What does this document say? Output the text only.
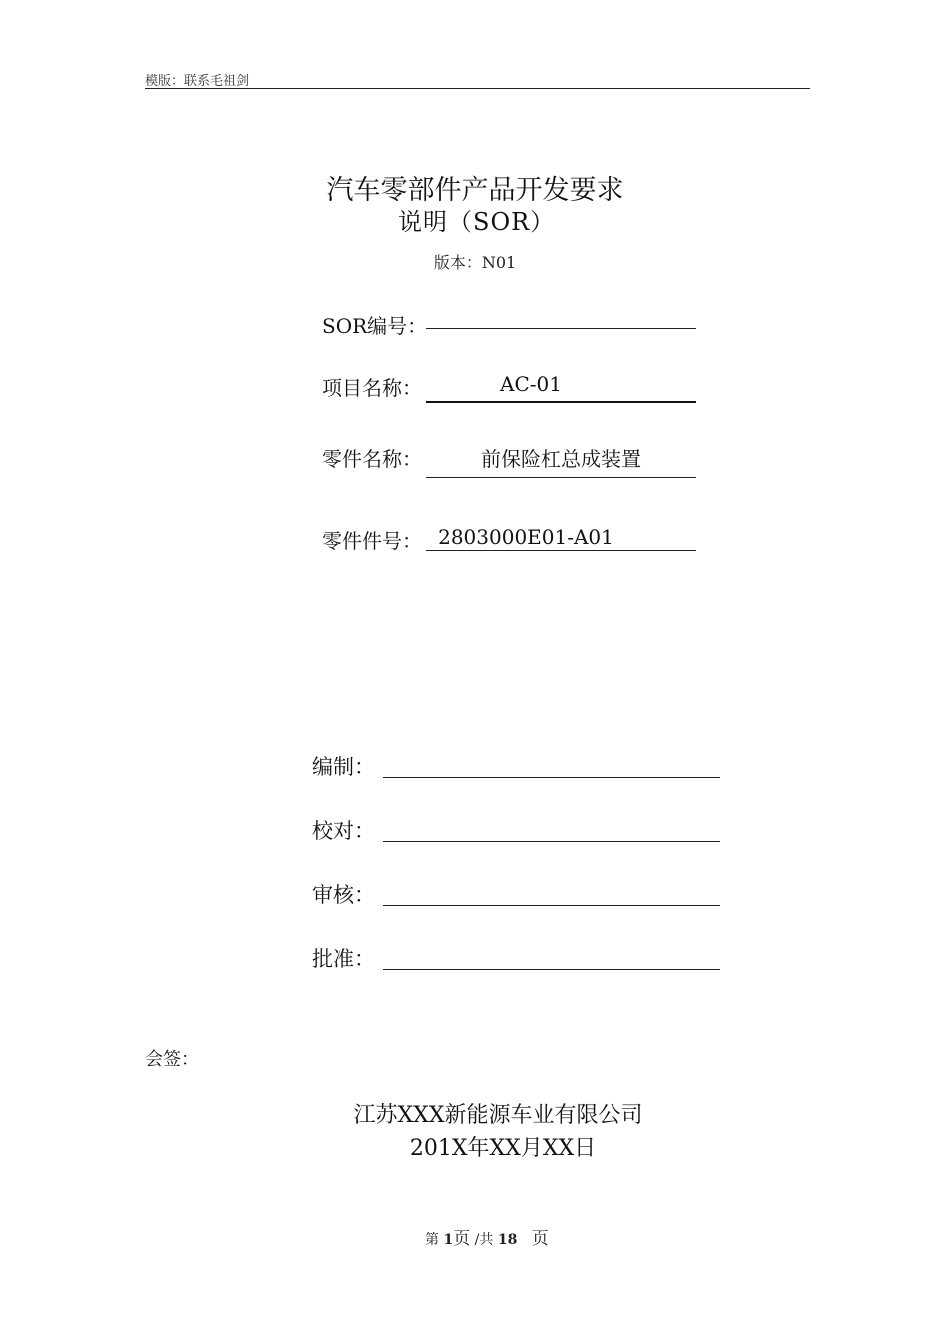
模版：联系毛祖剑
汽车零部件产品开发要求
说明（SOR）
版本：N01
SOR编号：
项目名称：	AC-01
零件名称：	前保险杠总成装置
零件件号： 2803000E01-A01
编制：
校对：
审核：
批准：
会签：
江苏XXX新能源车业有限公司
201X年XX月XX日
第 1页 /共 18 页
